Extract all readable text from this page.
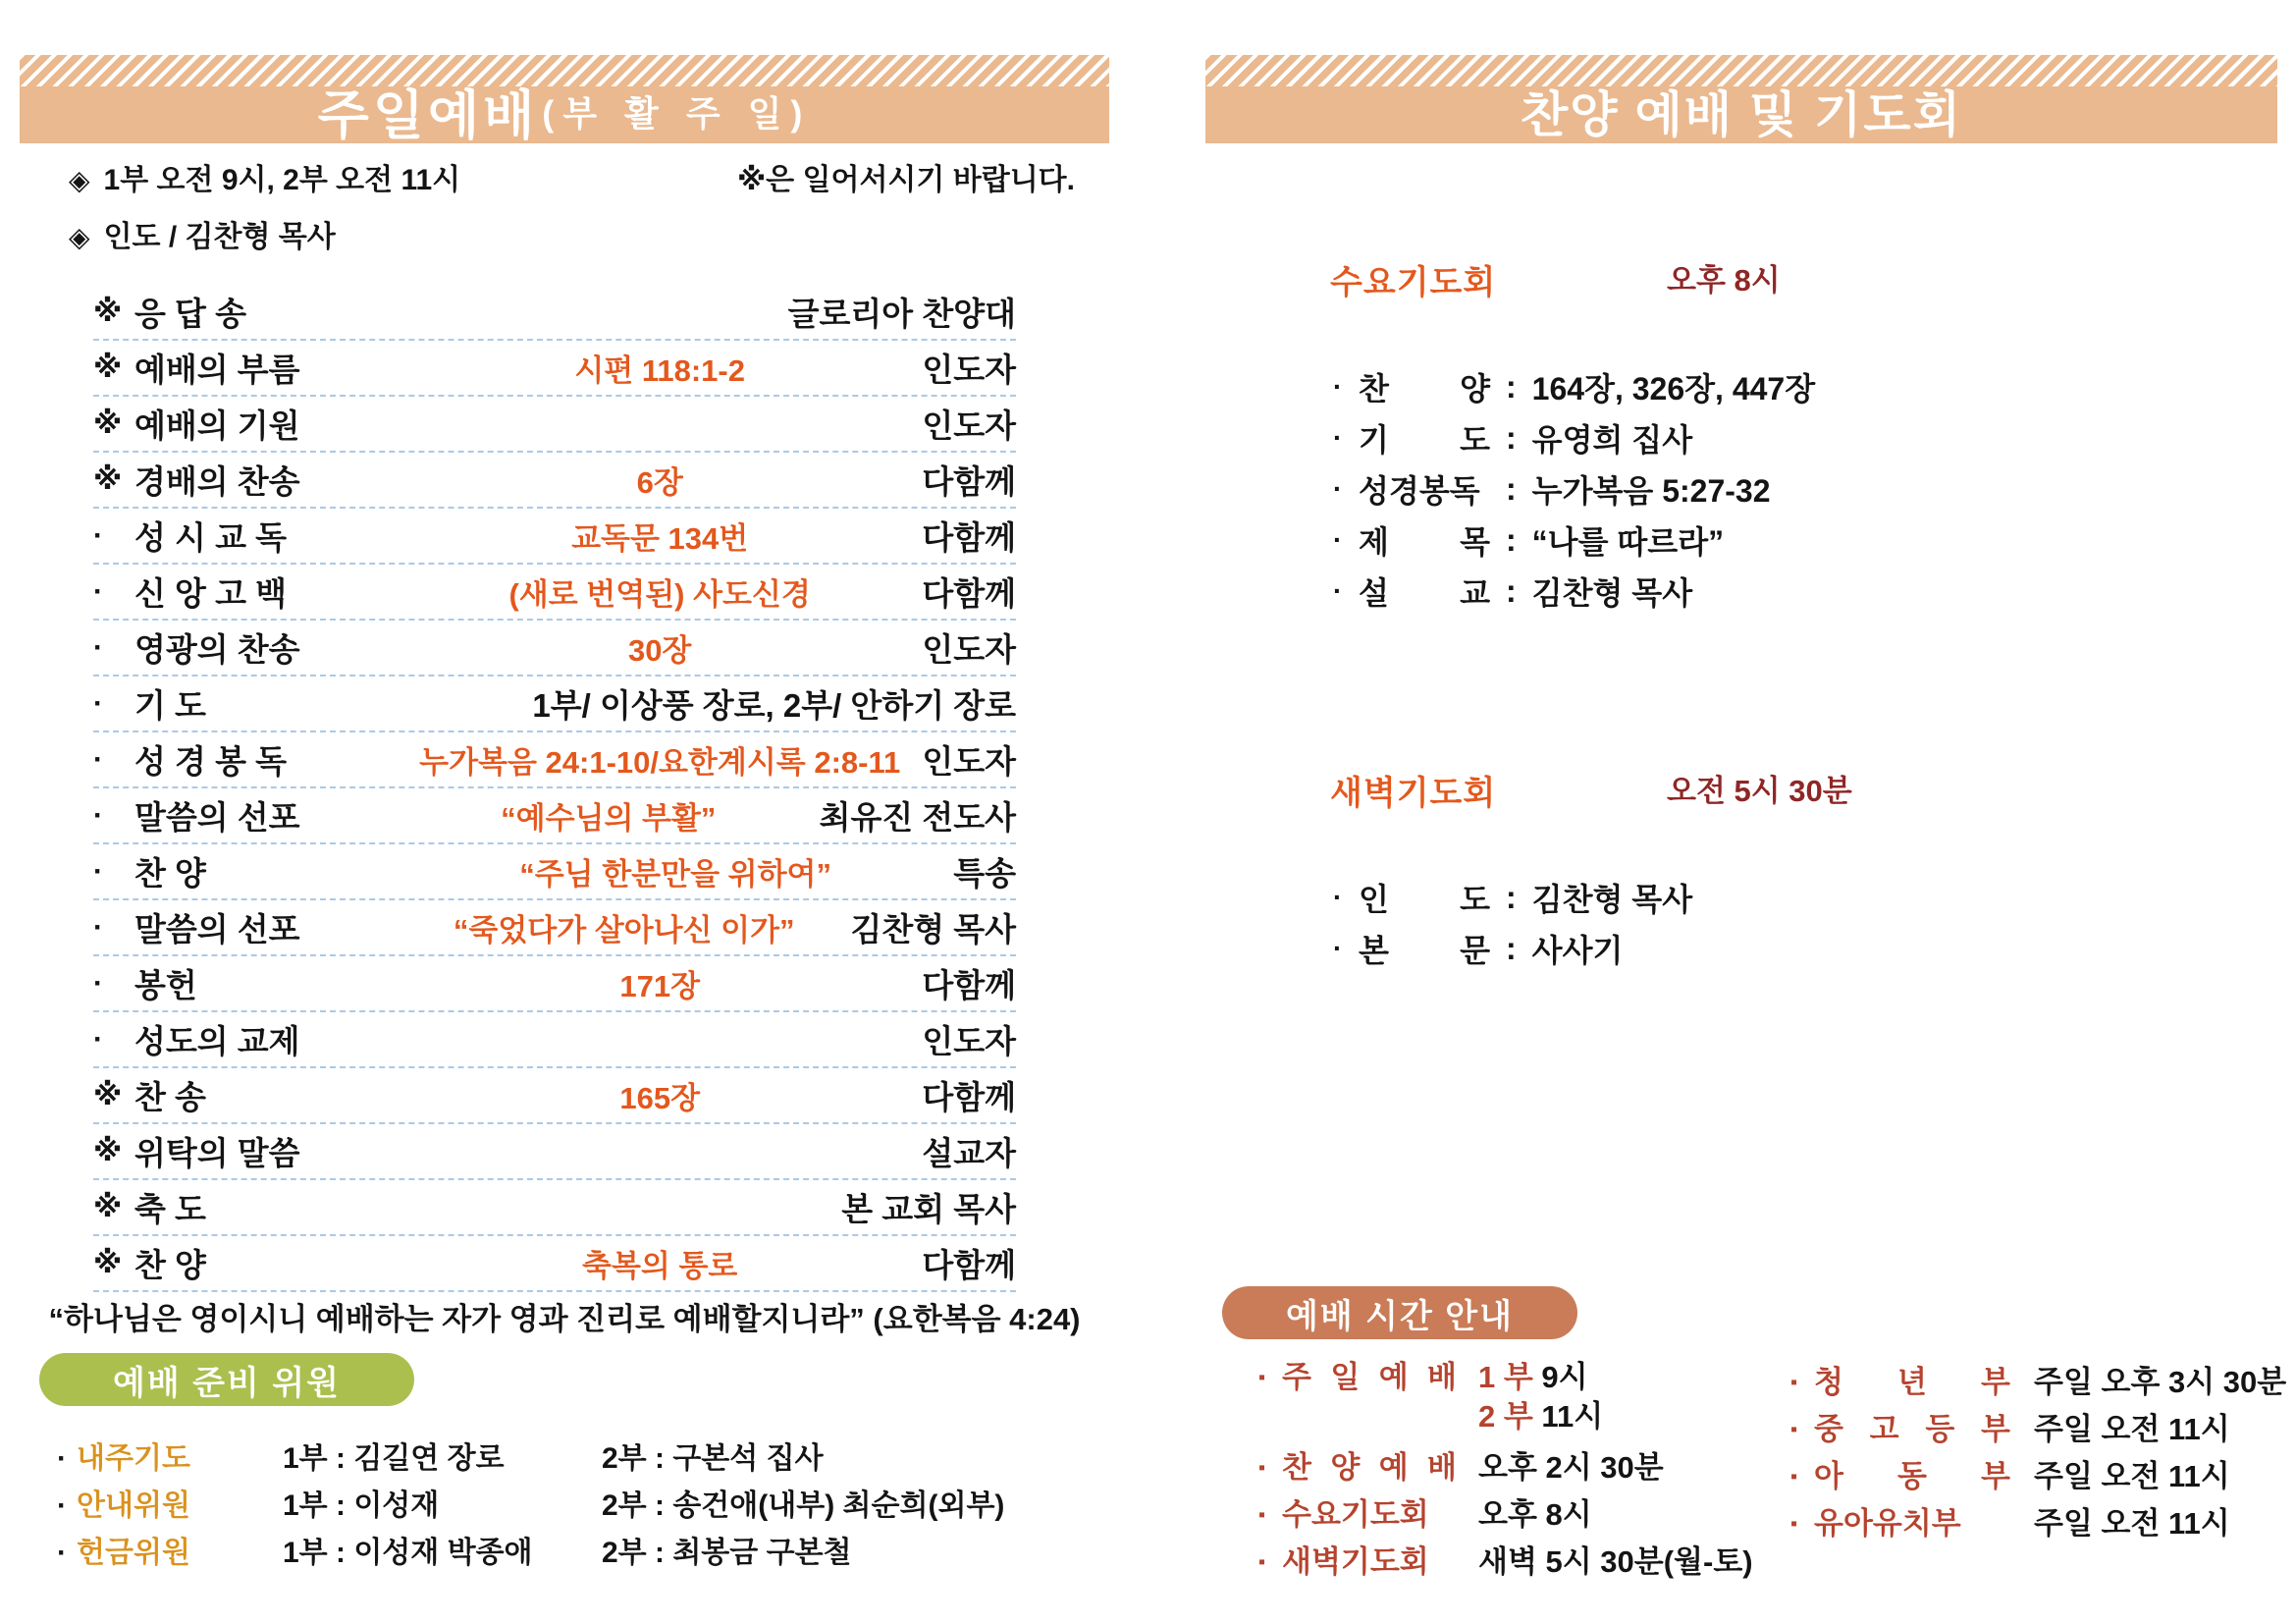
주일예배 (부 활 주 일)
◈ 1부 오전 9시, 2부 오전 11시	※은 일어서시기 바랍니다.
◈ 인도 / 김찬형 목사
※ 응 답 송	글로리아 찬양대
※ 예배의 부름	시편 118:1-2	인도자
※ 예배의 기원	인도자
※ 경배의 찬송	6장	다함께
· 성 시 교 독	교독문 134번	다함께
· 신 앙 고 백	(새로 번역된) 사도신경	다함께
· 영광의 찬송	30장	인도자
· 기 도	1부/ 이상풍 장로, 2부/ 안하기 장로
· 성 경 봉 독	누가복음 24:1-10/요한계시록 2:8-11 인도자
· 말씀의 선포	“예수님의 부활”	최유진 전도사
· 찬 양	“주님 한분만을 위하여”	특송
· 말씀의 선포	“죽었다가 살아나신 이가”	김찬형 목사
· 봉헌	171장	다함께
· 성도의 교제	인도자
※ 찬 송	165장	다함께
※ 위탁의 말씀	설교자
※ 축 도	본 교회 목사
※ 찬 양	축복의 통로	다함께
“하나님은 영이시니 예배하는 자가 영과 진리로 예배할지니라” (요한복음 4:24)
예배 준비 위원
· 내주기도	1부 : 김길연 장로	2부 : 구본석 집사
· 안내위원	1부 : 이성재	2부 : 송건애(내부) 최순희(외부)
· 헌금위원	1부 : 이성재 박종애 2부 : 최봉금 구본철
찬양 예배 및 기도회
수요기도회	오후 8시
· 찬 양 : 164장, 326장, 447장
· 기 도 : 유영희 집사
· 성경봉독 : 누가복음 5:27-32
· 제 목 : “나를 따르라”
· 설 교 : 김찬형 목사
새벽기도회	오전 5시 30분
· 인 도 : 김찬형 목사
· 본 문 : 사사기
예배 시간 안내
▪ 주 일 예 배 1 부 9시
2 부 11시
▪ 찬 양 예 배 오후 2시 30분
▪ 수요기도회	오후 8시
▪ 새벽기도회	새벽 5시 30분(월-토)
▪ 청 년 부 주일 오후 3시 30분
▪ 중 고 등 부 주일 오전 11시
▪ 아 동 부 주일 오전 11시
▪ 유아유치부	주일 오전 11시
